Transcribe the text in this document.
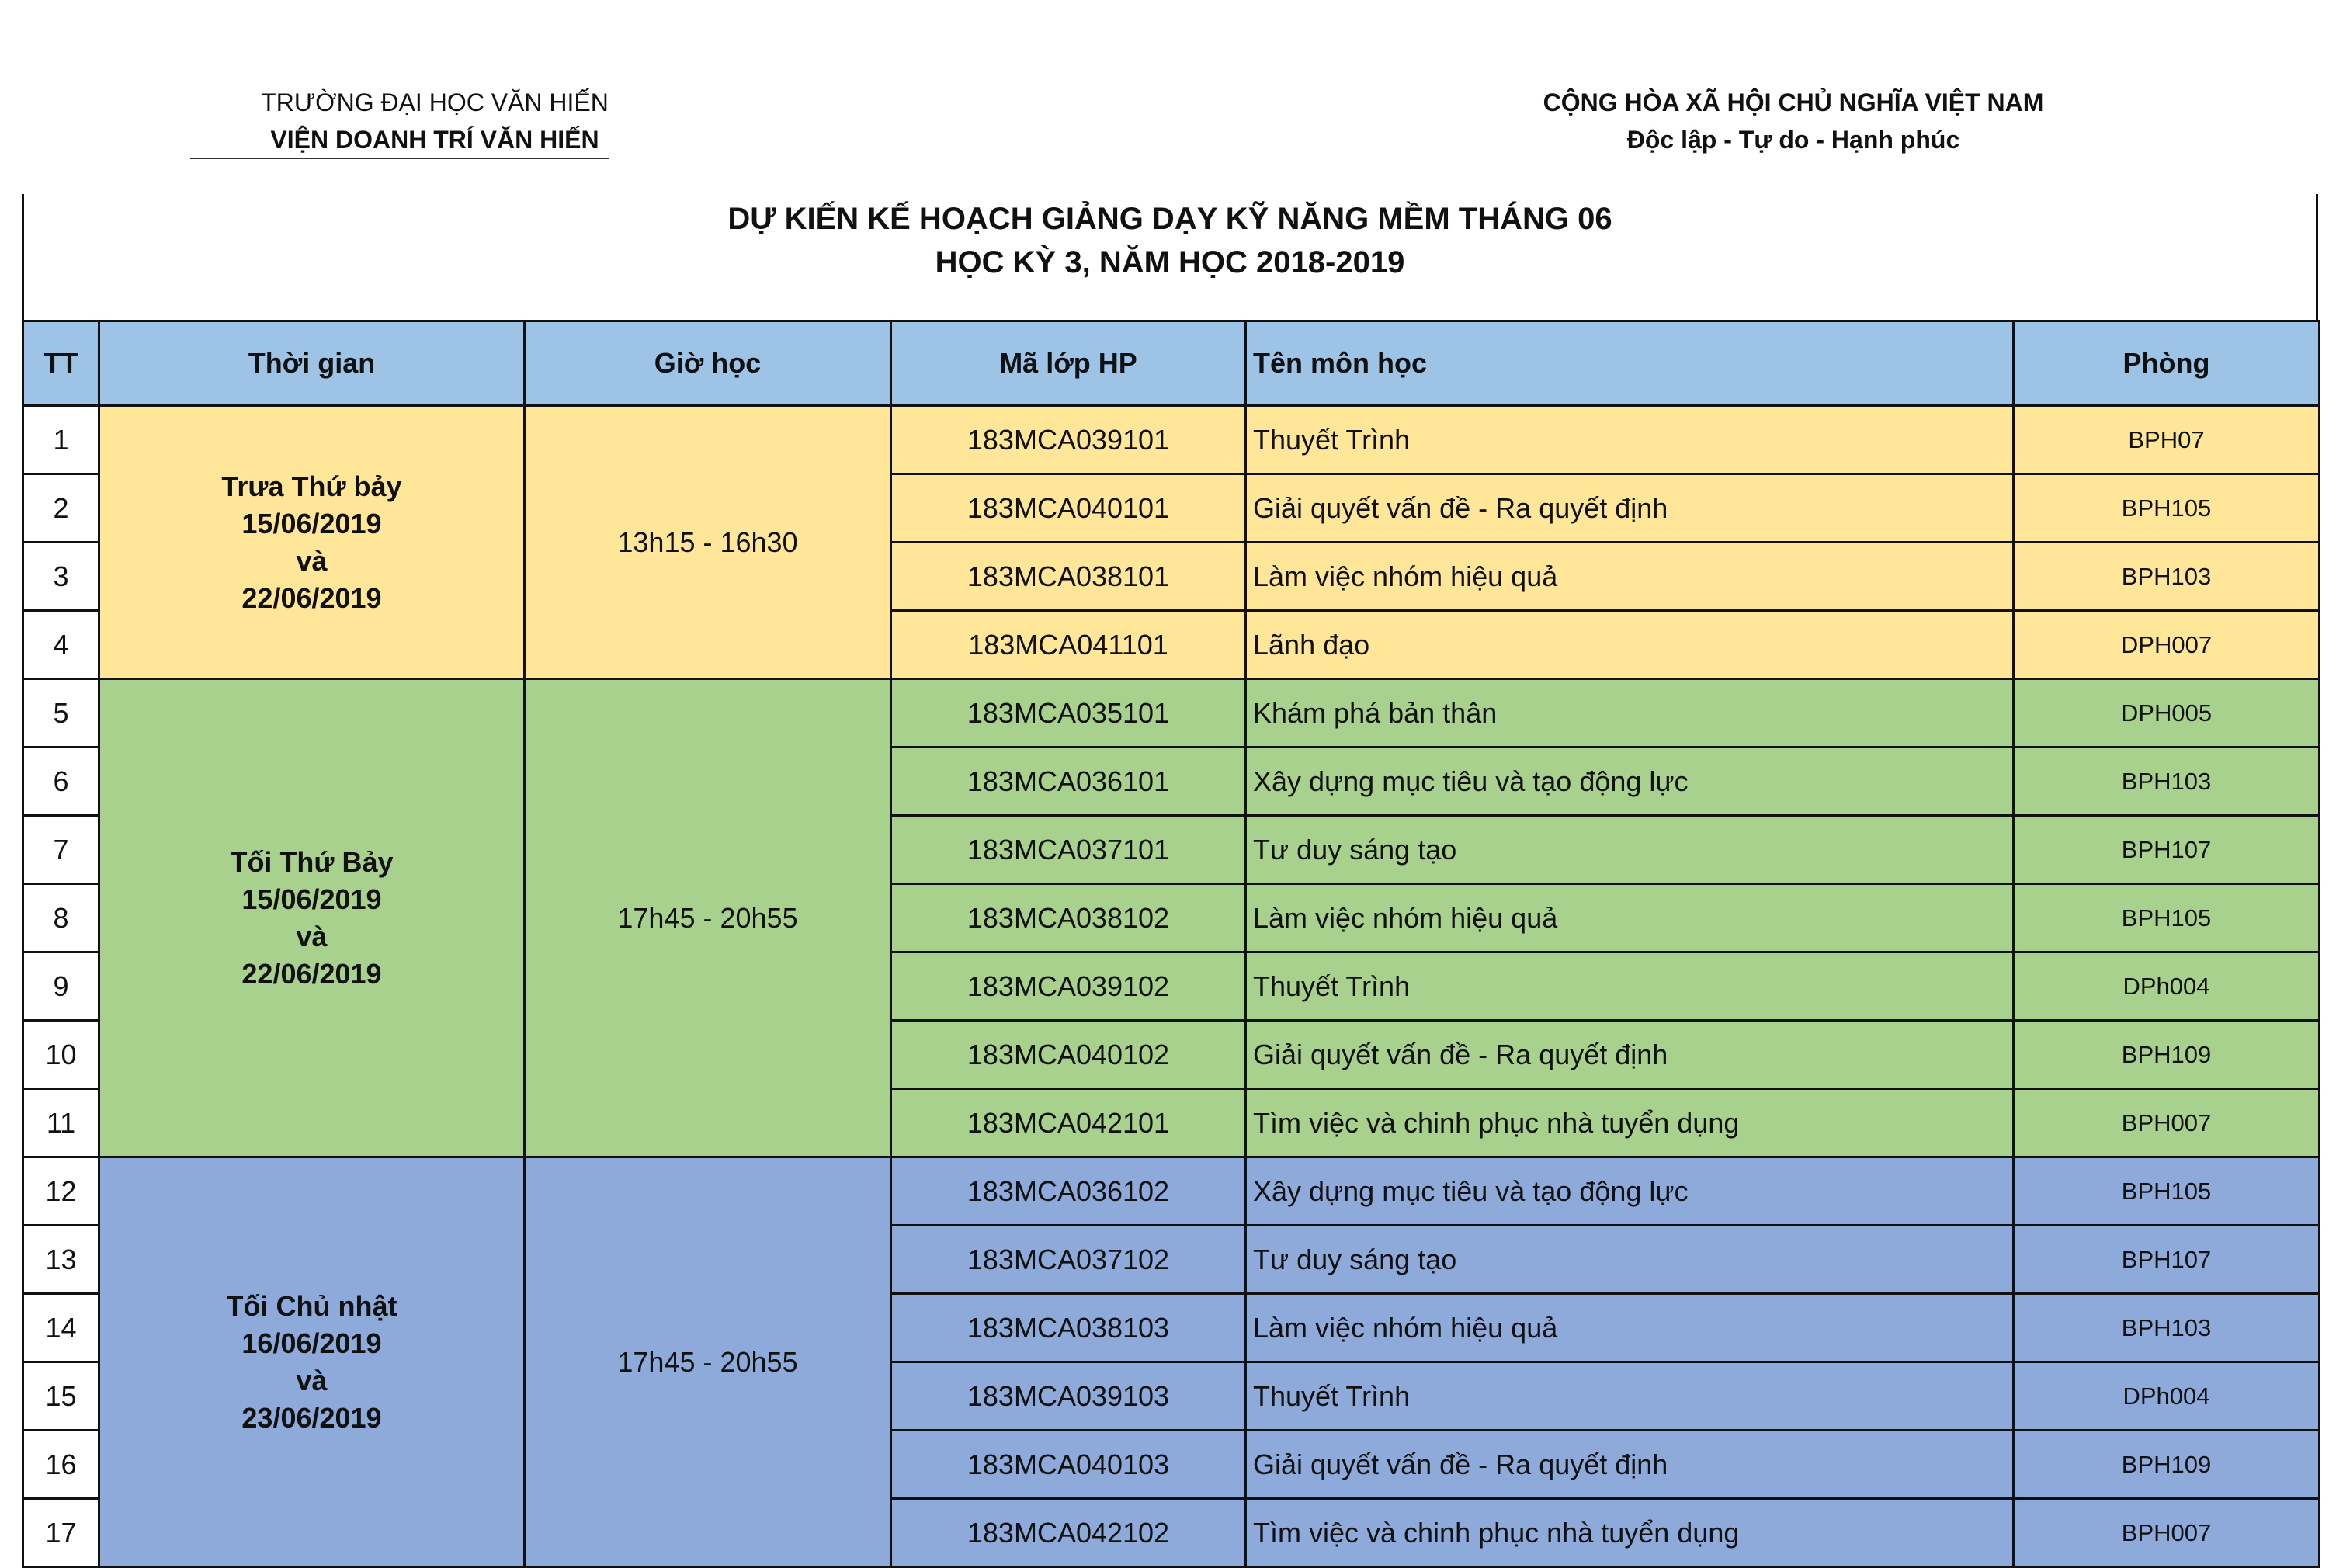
TRƯỜNG ĐẠI HỌC VĂN HIẾN
VIỆN DOANH TRÍ VĂN HIẾN
CỘNG HÒA XÃ HỘI CHỦ NGHĨA VIỆT NAM
Độc lập - Tự do - Hạnh phúc
DỰ KIẾN KẾ HOẠCH GIẢNG DẠY KỸ NĂNG MỀM THÁNG 06
HỌC KỲ 3, NĂM HỌC 2018-2019
TT	Thời gian	Giờ học	Mã lớp HP	Tên môn học	Phòng
1	Trưa Thứ bảy
15/06/2019
và
22/06/2019	13h15 - 16h30	183MCA039101	Thuyết Trình	BPH07
2			183MCA040101	Giải quyết vấn đề - Ra quyết định	BPH105
3			183MCA038101	Làm việc nhóm hiệu quả	BPH103
4			183MCA041101	Lãnh đạo	DPH007
5	Tối Thứ Bảy
15/06/2019
và
22/06/2019	17h45 - 20h55	183MCA035101	Khám phá bản thân	DPH005
6			183MCA036101	Xây dựng mục tiêu và tạo động lực	BPH103
7			183MCA037101	Tư duy sáng tạo	BPH107
8			183MCA038102	Làm việc nhóm hiệu quả	BPH105
9			183MCA039102	Thuyết Trình	DPh004
10			183MCA040102	Giải quyết vấn đề - Ra quyết định	BPH109
11			183MCA042101	Tìm việc và chinh phục nhà tuyển dụng	BPH007
12	Tối Chủ nhật
16/06/2019
và
23/06/2019	17h45 - 20h55	183MCA036102	Xây dựng mục tiêu và tạo động lực	BPH105
13			183MCA037102	Tư duy sáng tạo	BPH107
14			183MCA038103	Làm việc nhóm hiệu quả	BPH103
15			183MCA039103	Thuyết Trình	DPh004
16			183MCA040103	Giải quyết vấn đề - Ra quyết định	BPH109
17			183MCA042102	Tìm việc và chinh phục nhà tuyển dụng	BPH007
